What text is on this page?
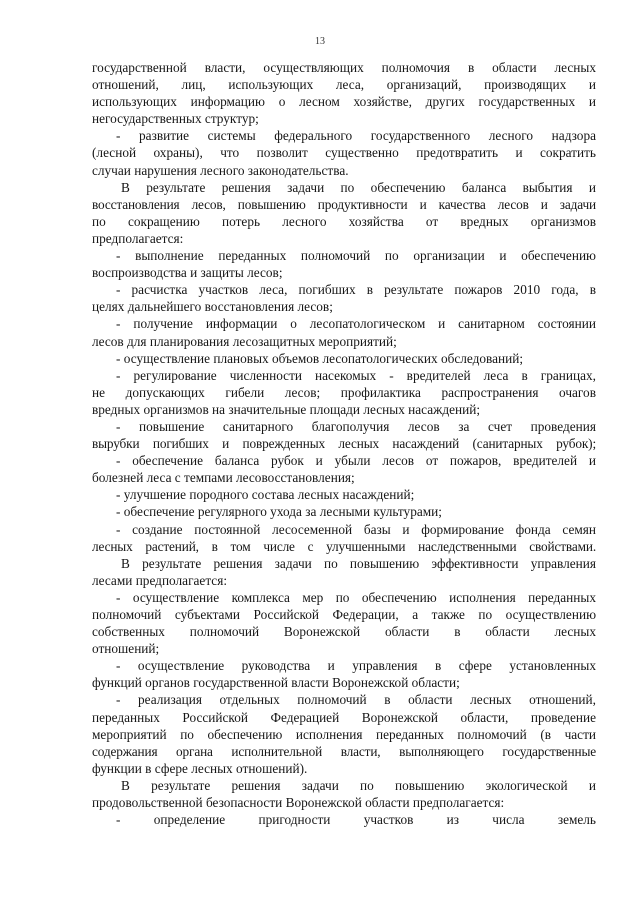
13
государственной власти, осуществляющих полномочия в области лесных
отношений, лиц, использующих леса, организаций, производящих и
использующих информацию о лесном хозяйстве, других государственных и
негосударственных структур;
- развитие системы федерального государственного лесного надзора
(лесной охраны), что позволит существенно предотвратить и сократить
случаи нарушения лесного законодательства.
В результате решения задачи по обеспечению баланса выбытия и
восстановления лесов, повышению продуктивности и качества лесов и задачи
по сокращению потерь лесного хозяйства от вредных организмов
предполагается:
- выполнение переданных полномочий по организации и обеспечению
воспроизводства и защиты лесов;
- расчистка участков леса, погибших в результате пожаров 2010 года, в
целях дальнейшего восстановления лесов;
- получение информации о лесопатологическом и санитарном состоянии
лесов для планирования лесозащитных мероприятий;
- осуществление плановых объемов лесопатологических обследований;
- регулирование численности насекомых - вредителей леса в границах,
не допускающих гибели лесов; профилактика распространения очагов
вредных организмов на значительные площади лесных насаждений;
- повышение санитарного благополучия лесов за счет проведения
вырубки погибших и поврежденных лесных насаждений (санитарных рубок);
- обеспечение баланса рубок и убыли лесов от пожаров, вредителей и
болезней леса с темпами лесовосстановления;
- улучшение породного состава лесных насаждений;
- обеспечение регулярного ухода за лесными культурами;
- создание постоянной лесосеменной базы и формирование фонда семян
лесных растений, в том числе с улучшенными наследственными свойствами.
В результате решения задачи по повышению эффективности управления
лесами предполагается:
- осуществление комплекса мер по обеспечению исполнения переданных
полномочий субъектами Российской Федерации, а также по осуществлению
собственных полномочий Воронежской области в области лесных
отношений;
- осуществление руководства и управления в сфере установленных
функций органов государственной власти Воронежской области;
- реализация отдельных полномочий в области лесных отношений,
переданных Российской Федерацией Воронежской области, проведение
мероприятий по обеспечению исполнения переданных полномочий (в части
содержания органа исполнительной власти, выполняющего государственные
функции в сфере лесных отношений).
В результате решения задачи по повышению экологической и
продовольственной безопасности Воронежской области предполагается:
- определение пригодности участков из числа земель
